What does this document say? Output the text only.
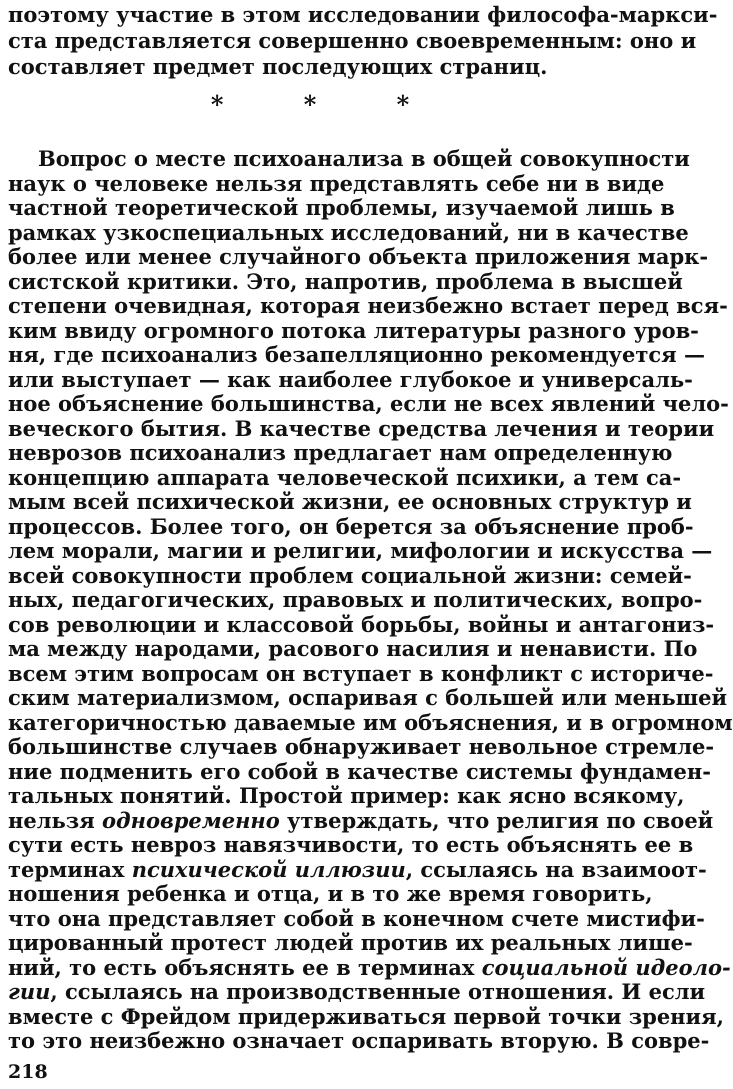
поэтому участие в этом исследовании философа-маркси-
ста представляется совершенно своевременным: оно и
составляет предмет последующих страниц.
* * *
Вопрос о месте психоанализа в общей совокупности
наук о человеке нельзя представлять себе ни в виде
частной теоретической проблемы, изучаемой лишь в
рамках узкоспециальных исследований, ни в качестве
более или менее случайного объекта приложения марк-
систской критики. Это, напротив, проблема в высшей
степени очевидная, которая неизбежно встает перед вся-
ким ввиду огромного потока литературы разного уров-
ня, где психоанализ безапелляционно рекомендуется —
или выступает — как наиболее глубокое и универсаль-
ное объяснение большинства, если не всех явлений чело-
веческого бытия. В качестве средства лечения и теории
неврозов психоанализ предлагает нам определенную
концепцию аппарата человеческой психики, а тем са-
мым всей психической жизни, ее основных структур и
процессов. Более того, он берется за объяснение проб-
лем морали, магии и религии, мифологии и искусства —
всей совокупности проблем социальной жизни: семей-
ных, педагогических, правовых и политических, вопро-
сов революции и классовой борьбы, войны и антагониз-
ма между народами, расового насилия и ненависти. По
всем этим вопросам он вступает в конфликт с историче-
ским материализмом, оспаривая с большей или меньшей
категоричностью даваемые им объяснения, и в огромном
большинстве случаев обнаруживает невольное стремле-
ние подменить его собой в качестве системы фундамен-
тальных понятий. Простой пример: как ясно всякому,
нельзя одновременно утверждать, что религия по своей
сути есть невроз навязчивости, то есть объяснять ее в
терминах психической иллюзии, ссылаясь на взаимоот-
ношения ребенка и отца, и в то же время говорить,
что она представляет собой в конечном счете мистифи-
цированный протест людей против их реальных лише-
ний, то есть объяснять ее в терминах социальной идеоло-
гии, ссылаясь на производственные отношения. И если
вместе с Фрейдом придерживаться первой точки зрения,
то это неизбежно означает оспаривать вторую. В совре-
218
